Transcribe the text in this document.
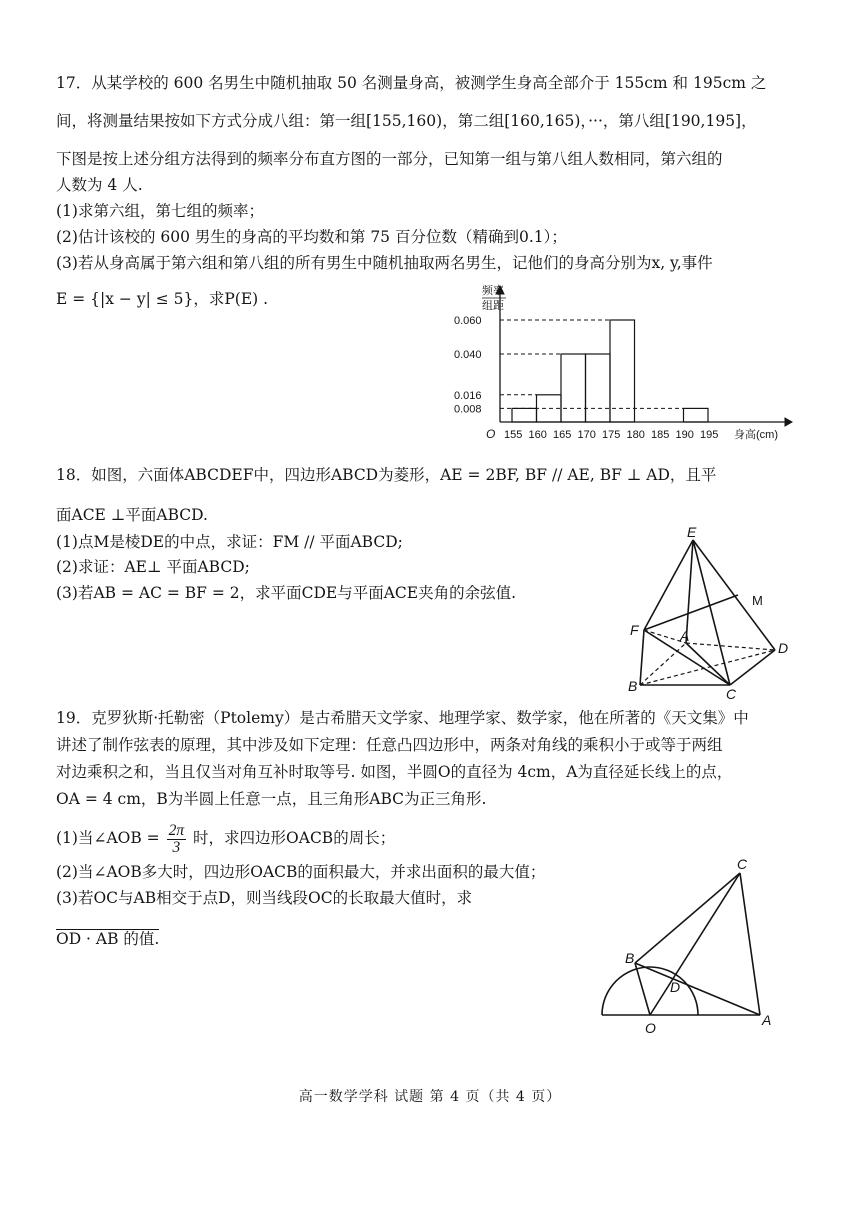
17．从某学校的 600 名男生中随机抽取 50 名测量身高，被测学生身高全部介于 155cm 和 195cm 之
间，将测量结果按如下方式分成八组：第一组[155,160)，第二组[160,165)，···，第八组[190,195]，
下图是按上述分组方法得到的频率分布直方图的一部分，已知第一组与第八组人数相同，第六组的
人数为 4 人.
(1)求第六组，第七组的频率；
(2)估计该校的 600 男生的身高的平均数和第 75 百分位数（精确到0.1）；
(3)若从身高属于第六组和第八组的所有男生中随机抽取两名男生，记他们的身高分别为x, y,事件
E = {|x − y| ≤ 5}，求P(E) .	频率
组距
0.060
0.040
0.016
0.008
155 160 165 170 175 180 185 190 195
O	身高(cm)
18．如图，六面体ABCDEF中，四边形ABCD为菱形，AE = 2BF, BF // AE, BF ⊥ AD，且平
面ACE ⊥平面ABCD.
(1)点M是棱DE的中点，求证：FM // 平面ABCD;
(2)求证：AE⊥ 平面ABCD;
(3)若AB = AC = BF = 2，求平面CDE与平面ACE夹角的余弦值.
E
M
F	A
D
B	C
19．克罗狄斯·托勒密（Ptolemy）是古希腊天文学家、地理学家、数学家，他在所著的《天文集》中
讲述了制作弦表的原理，其中涉及如下定理：任意凸四边形中，两条对角线的乘积小于或等于两组
对边乘积之和，当且仅当对角互补时取等号. 如图，半圆O的直径为 4cm，A为直径延长线上的点，
OA = 4 cm，B为半圆上任意一点，且三角形ABC为正三角形.
(1)当∠AOB = $\frac{2\pi}{3}$ 时，求四边形OACB的周长；
(2)当∠AOB多大时，四边形OACB的面积最大，并求出面积的最大值；
(3)若OC与AB相交于点D，则当线段OC的长取最大值时，求
OD · AB 的值.
C
B
D
O	A
高一数学学科 试题 第 4 页（共 4 页）
